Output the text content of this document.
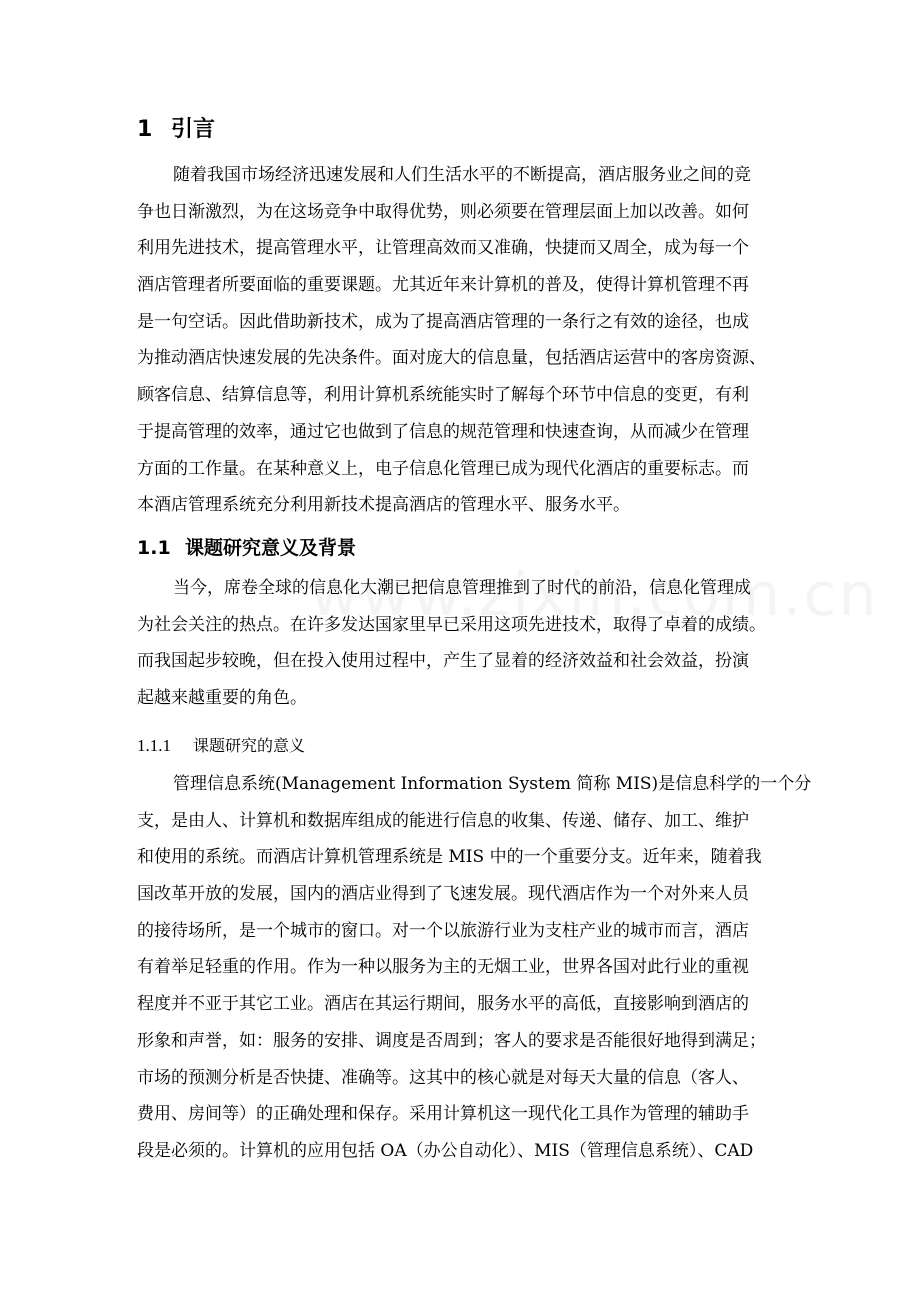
1 引言
随着我国市场经济迅速发展和人们生活水平的不断提高，酒店服务业之间的竞
争也日渐激烈，为在这场竞争中取得优势，则必须要在管理层面上加以改善。如何
利用先进技术，提高管理水平，让管理高效而又准确，快捷而又周全，成为每一个
酒店管理者所要面临的重要课题。尤其近年来计算机的普及，使得计算机管理不再
是一句空话。因此借助新技术，成为了提高酒店管理的一条行之有效的途径，也成
为推动酒店快速发展的先决条件。面对庞大的信息量，包括酒店运营中的客房资源、
顾客信息、结算信息等，利用计算机系统能实时了解每个环节中信息的变更，有利
于提高管理的效率，通过它也做到了信息的规范管理和快速查询，从而减少在管理
方面的工作量。在某种意义上，电子信息化管理已成为现代化酒店的重要标志。而
本酒店管理系统充分利用新技术提高酒店的管理水平、服务水平。
1.1 课题研究意义及背景
当今，席卷全球的信息化大潮已把信息管理推到了时代的前沿，信息化管理成
为社会关注的热点。在许多发达国家里早已采用这项先进技术，取得了卓着的成绩。
而我国起步较晚，但在投入使用过程中，产生了显着的经济效益和社会效益，扮演
起越来越重要的角色。
1.1.1 课题研究的意义
管理信息系统(Management Information System 简称 MIS)是信息科学的一个分
支，是由人、计算机和数据库组成的能进行信息的收集、传递、储存、加工、维护
和使用的系统。而酒店计算机管理系统是 MIS 中的一个重要分支。近年来，随着我
国改革开放的发展，国内的酒店业得到了飞速发展。现代酒店作为一个对外来人员
的接待场所，是一个城市的窗口。对一个以旅游行业为支柱产业的城市而言，酒店
有着举足轻重的作用。作为一种以服务为主的无烟工业，世界各国对此行业的重视
程度并不亚于其它工业。酒店在其运行期间，服务水平的高低，直接影响到酒店的
形象和声誉，如：服务的安排、调度是否周到；客人的要求是否能很好地得到满足；
市场的预测分析是否快捷、准确等。这其中的核心就是对每天大量的信息（客人、
费用、房间等）的正确处理和保存。采用计算机这一现代化工具作为管理的辅助手
段是必须的。计算机的应用包括 OA（办公自动化）、MIS（管理信息系统）、CAD
